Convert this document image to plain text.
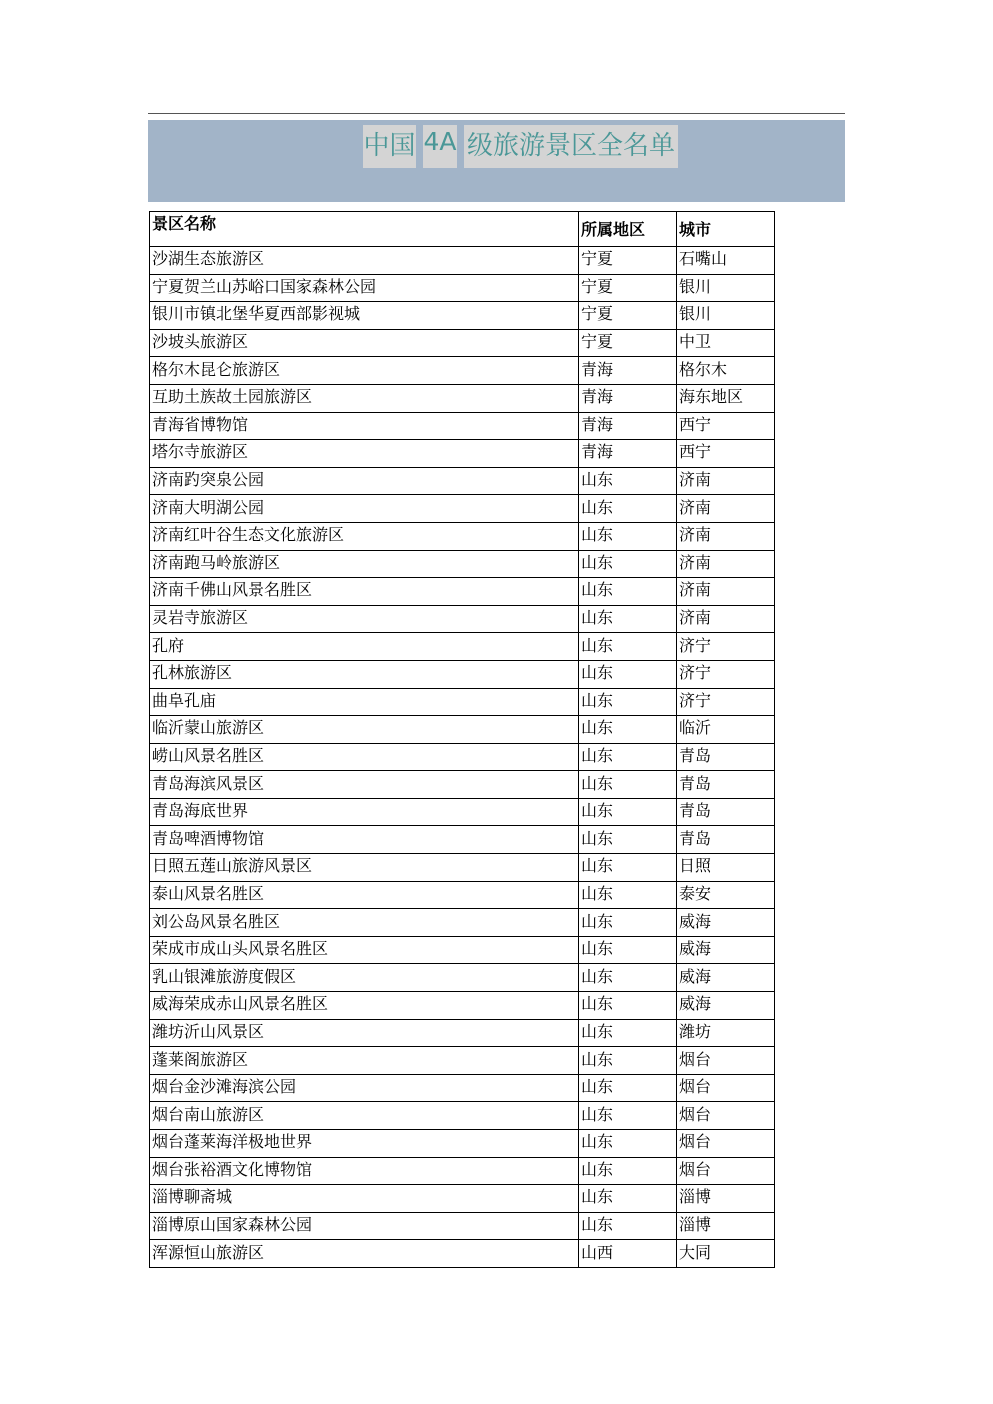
中国 4A 级旅游景区全名单
景区名称	所属地区	城市
沙湖生态旅游区	宁夏	石嘴山
宁夏贺兰山苏峪口国家森林公园	宁夏	银川
银川市镇北堡华夏西部影视城	宁夏	银川
沙坡头旅游区	宁夏	中卫
格尔木昆仑旅游区	青海	格尔木
互助土族故土园旅游区	青海	海东地区
青海省博物馆	青海	西宁
塔尔寺旅游区	青海	西宁
济南趵突泉公园	山东	济南
济南大明湖公园	山东	济南
济南红叶谷生态文化旅游区	山东	济南
济南跑马岭旅游区	山东	济南
济南千佛山风景名胜区	山东	济南
灵岩寺旅游区	山东	济南
孔府	山东	济宁
孔林旅游区	山东	济宁
曲阜孔庙	山东	济宁
临沂蒙山旅游区	山东	临沂
崂山风景名胜区	山东	青岛
青岛海滨风景区	山东	青岛
青岛海底世界	山东	青岛
青岛啤酒博物馆	山东	青岛
日照五莲山旅游风景区	山东	日照
泰山风景名胜区	山东	泰安
刘公岛风景名胜区	山东	威海
荣成市成山头风景名胜区	山东	威海
乳山银滩旅游度假区	山东	威海
威海荣成赤山风景名胜区	山东	威海
潍坊沂山风景区	山东	潍坊
蓬莱阁旅游区	山东	烟台
烟台金沙滩海滨公园	山东	烟台
烟台南山旅游区	山东	烟台
烟台蓬莱海洋极地世界	山东	烟台
烟台张裕酒文化博物馆	山东	烟台
淄博聊斋城	山东	淄博
淄博原山国家森林公园	山东	淄博
浑源恒山旅游区	山西	大同
